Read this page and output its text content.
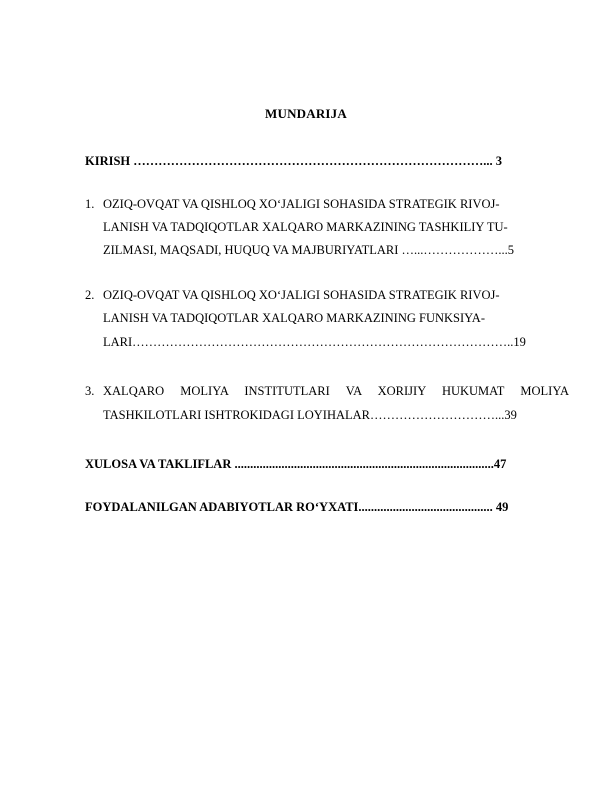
MUNDARIJA
KIRISH …………………………………………………………………………... 3
1. OZIQ-OVQAT VA QISHLOQ XO‘JALIGI SOHASIDA STRATEGIK RIVOJ-
LANISH VA TADQIQOTLAR XALQARO MARKAZINING TASHKILIY TU-
ZILMASI, MAQSADI, HUQUQ VA MAJBURIYATLARI …...………………...5
2. OZIQ-OVQAT VA QISHLOQ XO‘JALIGI SOHASIDA STRATEGIK RIVOJ-
LANISH VA TADQIQOTLAR XALQARO MARKAZINING FUNKSIYA-
LARI………………………………………………………………………………..19
3. XALQARO MOLIYA INSTITUTLARI VA XORIJIY HUKUMAT MOLIYA
TASHKILOTLARI ISHTROKIDAGI LOYIHALAR…………………………...39
XULOSA VA TAKLIFLAR ...................................................................................47
FOYDALANILGAN ADABIYOTLAR RO‘YXATI........................................... 49
